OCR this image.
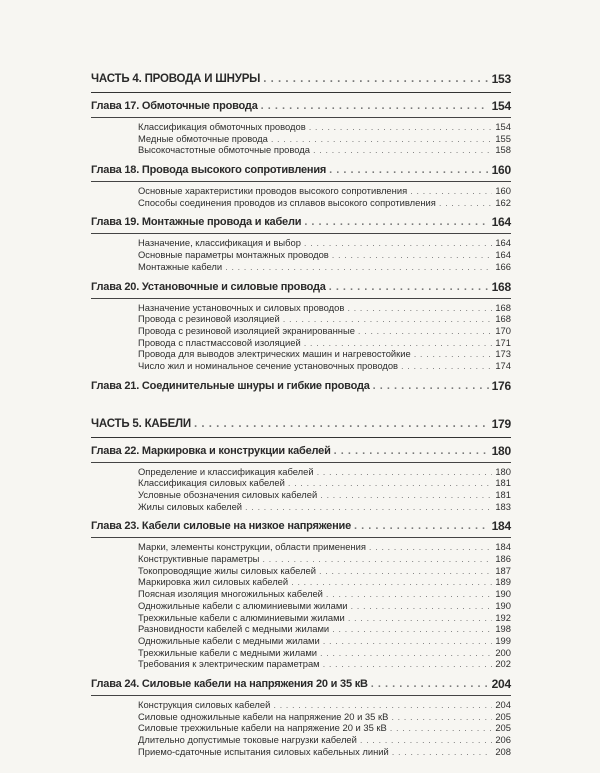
ЧАСТЬ 4. ПРОВОДА И ШНУРЫ . . .	153
Глава 17. Обмоточные провода . . .	154
Классификация обмоточных проводов . . .	154
Медные обмоточные провода . . .	155
Высокочастотные обмоточные провода . . .	158
Глава 18. Провода высокого сопротивления . . .	160
Основные характеристики проводов высокого сопротивления . . .	160
Способы соединения проводов из сплавов высокого сопротивления . . .	162
Глава 19. Монтажные провода и кабели . . .	164
Назначение, классификация и выбор . . .	164
Основные параметры монтажных проводов . . .	164
Монтажные кабели . . .	166
Глава 20. Установочные и силовые провода . . .	168
Назначение установочных и силовых проводов . . .	168
Провода с резиновой изоляцией . . .	168
Провода с резиновой изоляцией экранированные . . .	170
Провода с пластмассовой изоляцией . . .	171
Провода для выводов электрических машин и нагревостойкие . . .	173
Число жил и номинальное сечение установочных проводов . . .	174
Глава 21. Соединительные шнуры и гибкие провода . . .	176
ЧАСТЬ 5. КАБЕЛИ . . .	179
Глава 22. Маркировка и конструкции кабелей . . .	180
Определение и классификация кабелей . . .	180
Классификация силовых кабелей . . .	181
Условные обозначения силовых кабелей . . .	181
Жилы силовых кабелей . . .	183
Глава 23. Кабели силовые на низкое напряжение . . .	184
Марки, элементы конструкции, области применения . . .	184
Конструктивные параметры . . .	186
Токопроводящие жилы силовых кабелей . . .	187
Маркировка жил силовых кабелей . . .	189
Поясная изоляция многожильных кабелей . . .	190
Одножильные кабели с алюминиевыми жилами . . .	190
Трехжильные кабели с алюминиевыми жилами . . .	192
Разновидности кабелей с медными жилами . . .	198
Одножильные кабели с медными жилами . . .	199
Трехжильные кабели с медными жилами . . .	200
Требования к электрическим параметрам . . .	202
Глава 24. Силовые кабели на напряжения 20 и 35 кВ . . .	204
Конструкция силовых кабелей . . .	204
Силовые одножильные кабели на напряжение 20 и 35 кВ . . .	205
Силовые трехжильные кабели на напряжение 20 и 35 кВ . . .	205
Длительно допустимые токовые нагрузки кабелей . . .	206
Приемо-сдаточные испытания силовых кабельных линий . . .	208
